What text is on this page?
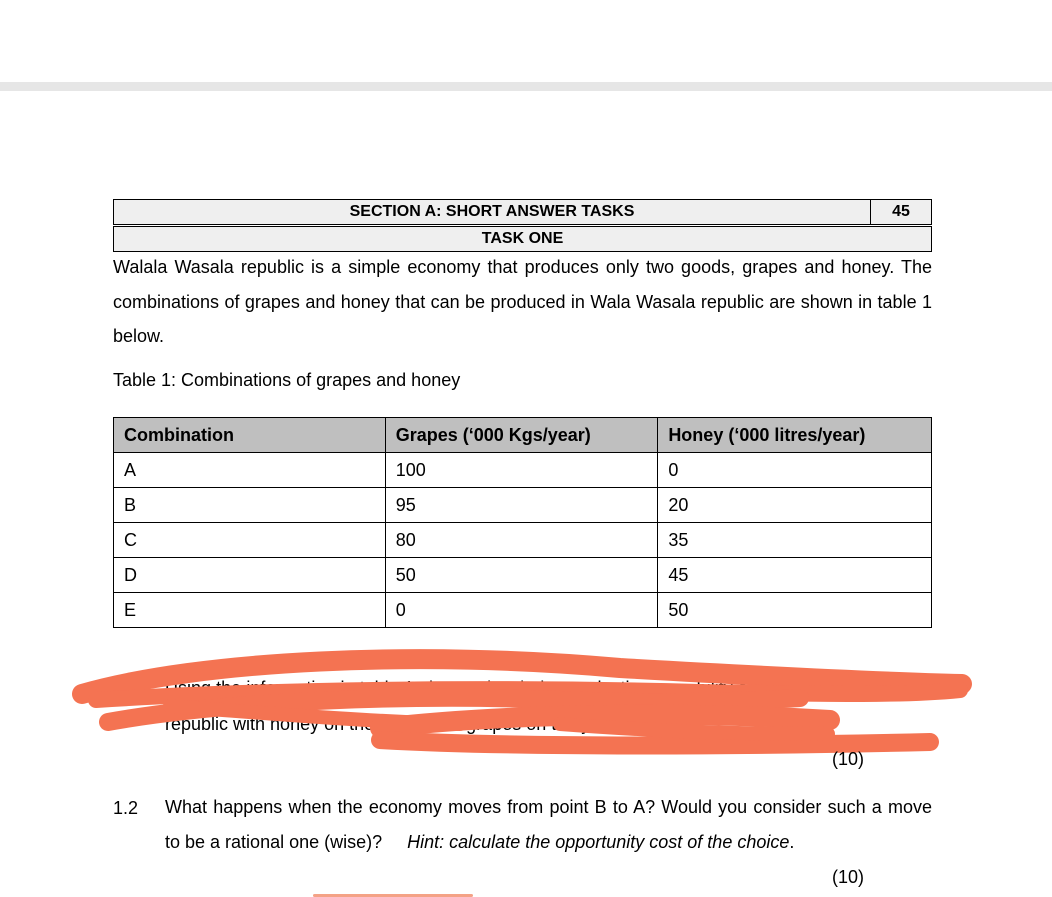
SECTION A: SHORT ANSWER TASKS	45

TASK ONE

Walala Wasala republic is a simple economy that produces only two goods, grapes and honey. The combinations of grapes and honey that can be produced in Wala Wasala republic are shown in table 1 below.

Table 1: Combinations of grapes and honey

Combination	Grapes (‘000 Kgs/year)	Honey (‘000 litres/year)
A	100	0
B	95	20
C	80	35
D	50	45
E	0	50
1.1 Using the information in table 1 above, sketch the production possibility curve for Walala Wasala republic with honey on the x-axis and grapes on the y-axis).
(10)
1.2 What happens when the economy moves from point B to A? Would you consider such a move to be a rational one (wise)? Hint: calculate the opportunity cost of the choice.

(10)
